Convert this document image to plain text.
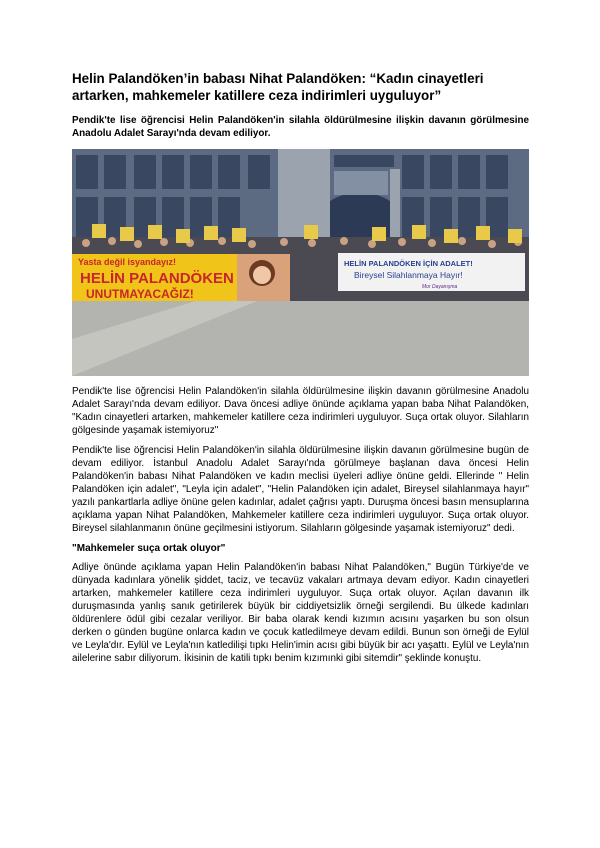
Helin Palandöken’in babası Nihat Palandöken: “Kadın cinayetleri artarken, mahkemeler katillere ceza indirimleri uyguluyor”

Pendik'te lise öğrencisi Helin Palandöken'in silahla öldürülmesine ilişkin davanın görülmesine Anadolu Adalet Sarayı'nda devam ediliyor.

Yasta değil isyandayız!
HELİN PALANDÖKEN
UNUTMAYACAĞIZ!
HELİN PALANDÖKEN İÇİN ADALET!
Bireysel Silahlanmaya Hayır!
Mor Dayanışma

Pendik'te lise öğrencisi Helin Palandöken'in silahla öldürülmesine ilişkin davanın görülmesine Anadolu Adalet Sarayı'nda devam ediliyor. Dava öncesi adliye önünde açıklama yapan baba Nihat Palandöken, "Kadın cinayetleri artarken, mahkemeler katillere ceza indirimleri uyguluyor. Suça ortak oluyor. Silahların gölgesinde yaşamak istemiyoruz"

Pendik'te lise öğrencisi Helin Palandöken'in silahla öldürülmesine ilişkin davanın görülmesine bugün de devam ediliyor. İstanbul Anadolu Adalet Sarayı'nda görülmeye başlanan dava öncesi Helin Palandöken'in babası Nihat Palandöken ve kadın meclisi üyeleri adliye önüne geldi. Ellerinde " Helin Palandöken için adalet", "Leyla için adalet", "Helin Palandöken için adalet, Bireysel silahlanmaya hayır" yazılı pankartlarla adliye önüne gelen kadınlar, adalet çağrısı yaptı. Duruşma öncesi basın mensuplarına açıklama yapan Nihat Palandöken, Mahkemeler katillere ceza indirimleri uyguluyor. Suça ortak oluyor. Bireysel silahlanmanın önüne geçilmesini istiyorum. Silahların gölgesinde yaşamak istemiyoruz" dedi.

"Mahkemeler suça ortak oluyor"

Adliye önünde açıklama yapan Helin Palandöken'in babası Nihat Palandöken," Bugün Türkiye'de ve dünyada kadınlara yönelik şiddet, taciz, ve tecavüz vakaları artmaya devam ediyor. Kadın cinayetleri artarken, mahkemeler katillere ceza indirimleri uyguluyor. Suça ortak oluyor. Açılan davanın ilk duruşmasında yanlış sanık getirilerek büyük bir ciddiyetsizlik örneği sergilendi. Bu ülkede kadınları öldürenlere ödül gibi cezalar veriliyor. Bir baba olarak kendi kızımın acısını yaşarken bu son olsun derken o günden bugüne onlarca kadın ve çocuk katledilmeye devam edildi. Bunun son örneği de Eylül ve Leyla'dır. Eylül ve Leyla'nın katledilişi tıpkı Helin'imin acısı gibi büyük bir acı yaşattı. Eylül ve Leyla'nın ailelerine sabır diliyorum. İkisinin de katili tıpkı benim kızımınki gibi sitemdir" şeklinde konuştu.
